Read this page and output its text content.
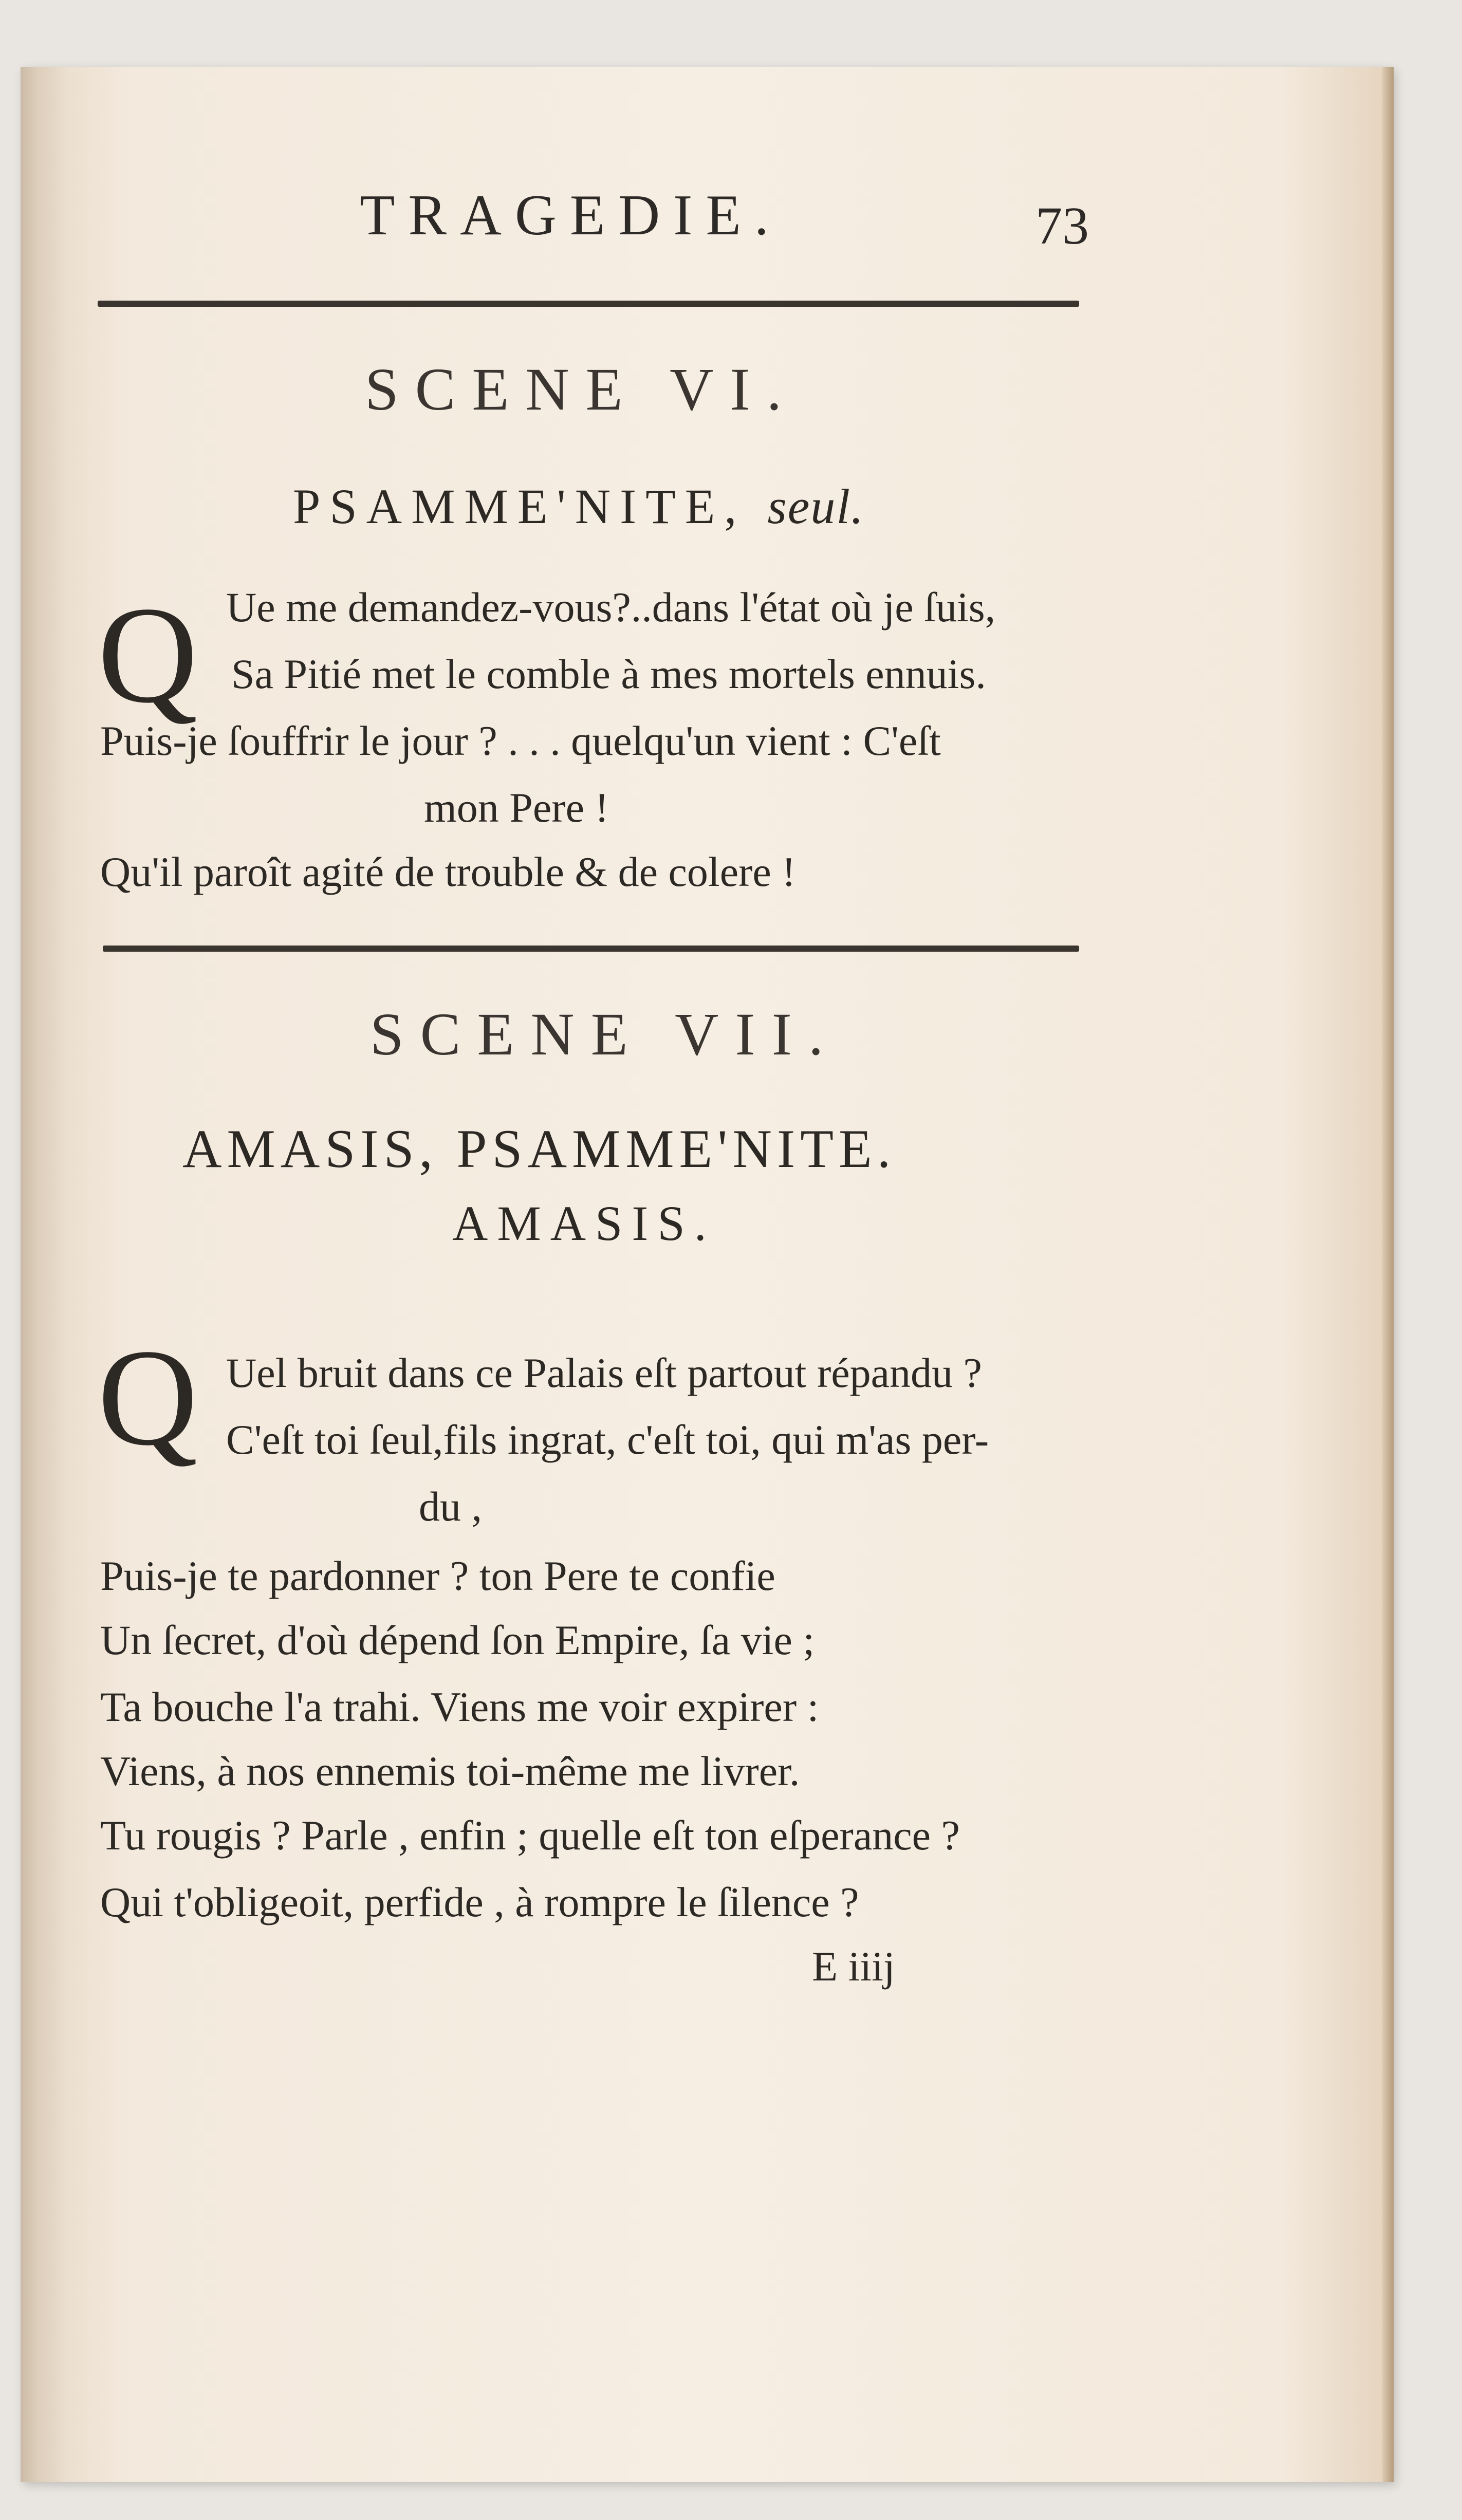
TRAGEDIE.	73
SCENE VI.
PSAMME'NITE, seul.
Q Ue me demandez-vous?..dans l'état où je ſuis,
Sa Pitié met le comble à mes mortels ennuis.
Puis-je ſouffrir le jour ? . . . quelqu'un vient : C'eſt
mon Pere !
Qu'il paroît agité de trouble & de colere !
SCENE VII.
AMASIS, PSAMME'NITE.
AMASIS.
Q Uel bruit dans ce Palais eſt partout répandu ?
C'eſt toi ſeul,fils ingrat, c'eſt toi, qui m'as per-
du ,
Puis-je te pardonner ? ton Pere te confie
Un ſecret, d'où dépend ſon Empire, ſa vie ;
Ta bouche l'a trahi. Viens me voir expirer :
Viens, à nos ennemis toi-même me livrer.
Tu rougis ? Parle , enfin ; quelle eſt ton eſperance ?
Qui t'obligeoit, perfide , à rompre le ſilence ?
E iiij
